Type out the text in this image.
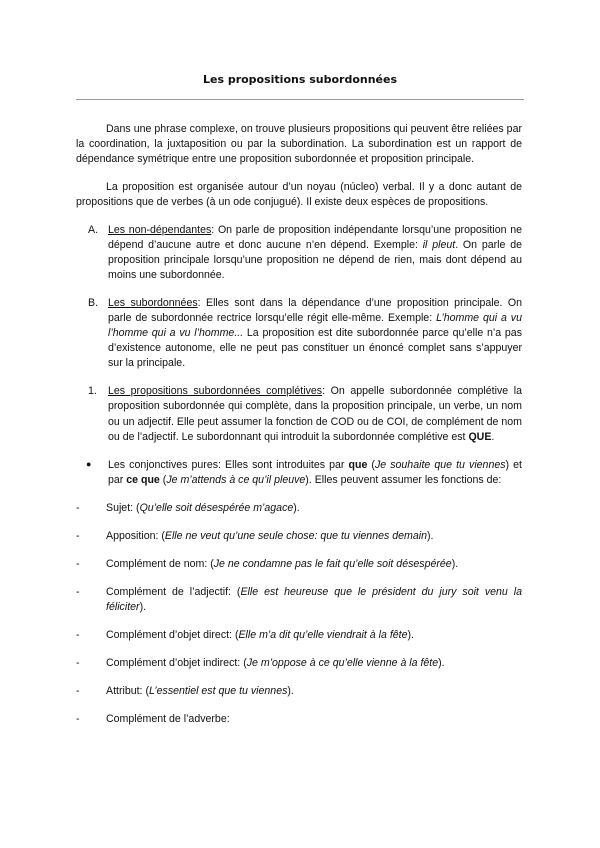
Les propositions subordonnées

Dans une phrase complexe, on trouve plusieurs propositions qui peuvent être reliées par la coordination, la juxtaposition ou par la subordination. La subordination est un rapport de dépendance symétrique entre une proposition subordonnée et proposition principale.

La proposition est organisée autour d’un noyau (núcleo) verbal. Il y a donc autant de propositions que de verbes (à un ode conjugué). Il existe deux espèces de propositions.

A. Les non-dépendantes: On parle de proposition indépendante lorsqu’une proposition ne dépend d’aucune autre et donc aucune n’en dépend. Exemple: il pleut. On parle de proposition principale lorsqu’une proposition ne dépend de rien, mais dont dépend au moins une subordonnée.
B. Les subordonnées: Elles sont dans la dépendance d’une proposition principale. On parle de subordonnée rectrice lorsqu’elle régit elle-même. Exemple: L’homme qui a vu l’homme qui a vu l’homme... La proposition est dite subordonnée parce qu’elle n’a pas d’existence autonome, elle ne peut pas constituer un énoncé complet sans s’appuyer sur la principale.
1.	Les propositions subordonnées complétives: On appelle subordonnée complétive la proposition subordonnée qui complète, dans la proposition principale, un verbe, un nom ou un adjectif. Elle peut assumer la fonction de COD ou de COI, de complément de nom ou de l’adjectif. Le subordonnant qui introduit la subordonnée complétive est QUE.
●	Les conjonctives pures: Elles sont introduites par que (Je souhaite que tu viennes) et par ce que (Je m’attends à ce qu’il pleuve). Elles peuvent assumer les fonctions de:
-	Sujet: (Qu’elle soit désespérée m’agace).
-	Apposition: (Elle ne veut qu’une seule chose: que tu viennes demain).
-	Complément de nom: (Je ne condamne pas le fait qu’elle soit désespérée).
-	Complément de l’adjectif: (Elle est heureuse que le président du jury soit venu la féliciter).
-	Complément d’objet direct: (Elle m’a dit qu’elle viendrait à la fête).
-	Complément d’objet indirect: (Je m’oppose à ce qu’elle vienne à la fête).
-	Attribut: (L’essentiel est que tu viennes).
-	Complément de l’adverbe:
